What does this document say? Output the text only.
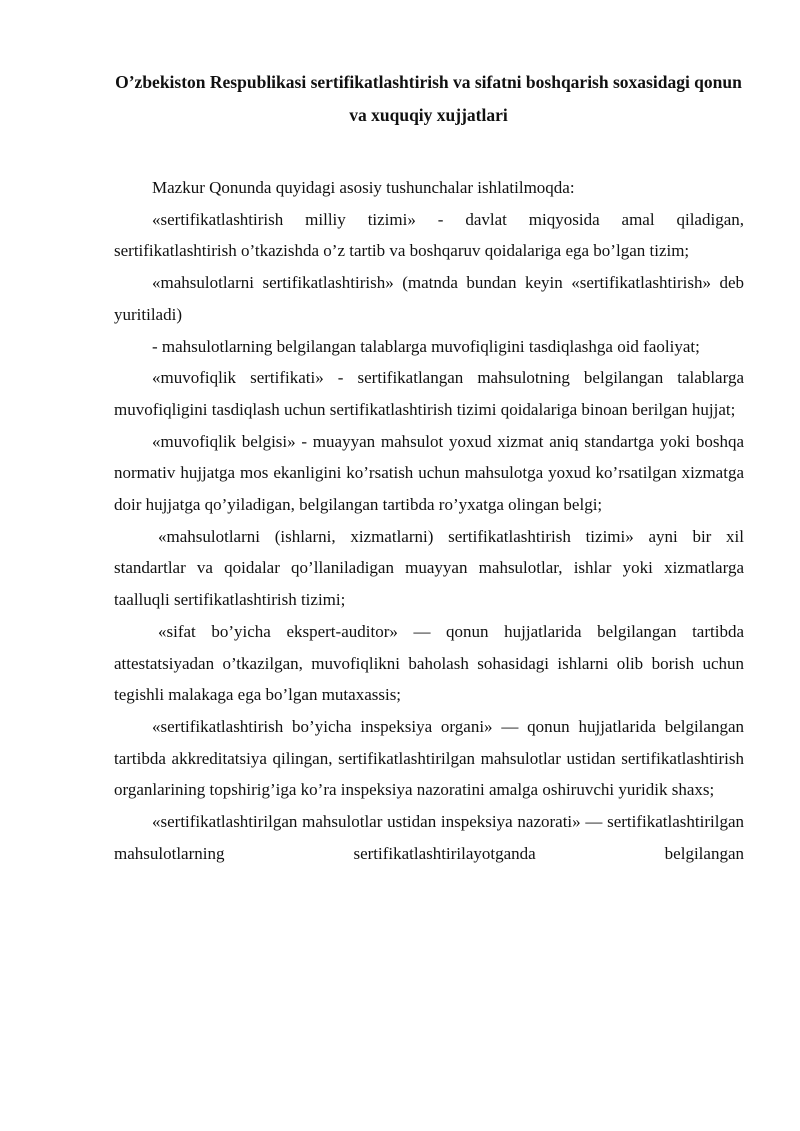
O’zbekiston Respublikasi sertifikatlashtirish va sifatni boshqarish soxasidagi qonun va xuquqiy xujjatlari

Mazkur Qonunda quyidagi asosiy tushunchalar ishlatilmoqda:

«sertifikatlashtirish milliy tizimi» - davlat miqyosida amal qiladigan, sertifikatlashtirish o’tkazishda o’z tartib va boshqaruv qoidalariga ega bo’lgan tizim;

«mahsulotlarni sertifikatlashtirish» (matnda bundan keyin «sertifikatlashtirish» deb yuritiladi)

- mahsulotlarning belgilangan talablarga muvofiqligini tasdiqlashga oid faoliyat;

«muvofiqlik sertifikati» - sertifikatlangan mahsulotning belgilangan talablarga muvofiqligini tasdiqlash uchun sertifikatlashtirish tizimi qoidalariga binoan berilgan hujjat;

«muvofiqlik belgisi» - muayyan mahsulot yoxud xizmat aniq standartga yoki boshqa normativ hujjatga mos ekanligini ko’rsatish uchun mahsulotga yoxud ko’rsatilgan xizmatga doir hujjatga qo’yiladigan, belgilangan tartibda ro’yxatga olingan belgi;

«mahsulotlarni (ishlarni, xizmatlarni) sertifikatlashtirish tizimi» ayni bir xil standartlar va qoidalar qo’llaniladigan muayyan mahsulotlar, ishlar yoki xizmatlarga taalluqli sertifikatlashtirish tizimi;

«sifat bo’yicha ekspert-auditor» — qonun hujjatlarida belgilangan tartibda attestatsiyadan o’tkazilgan, muvofiqlikni baholash sohasidagi ishlarni olib borish uchun tegishli malakaga ega bo’lgan mutaxassis;

«sertifikatlashtirish bo’yicha inspeksiya organi» — qonun hujjatlarida belgilangan tartibda akkreditatsiya qilingan, sertifikatlashtirilgan mahsulotlar ustidan sertifikatlashtirish organlarining topshirig’iga ko’ra inspeksiya nazoratini amalga oshiruvchi yuridik shaxs;

«sertifikatlashtirilgan mahsulotlar ustidan inspeksiya nazorati» — sertifikatlashtirilgan mahsulotlarning sertifikatlashtirilayotganda belgilangan
